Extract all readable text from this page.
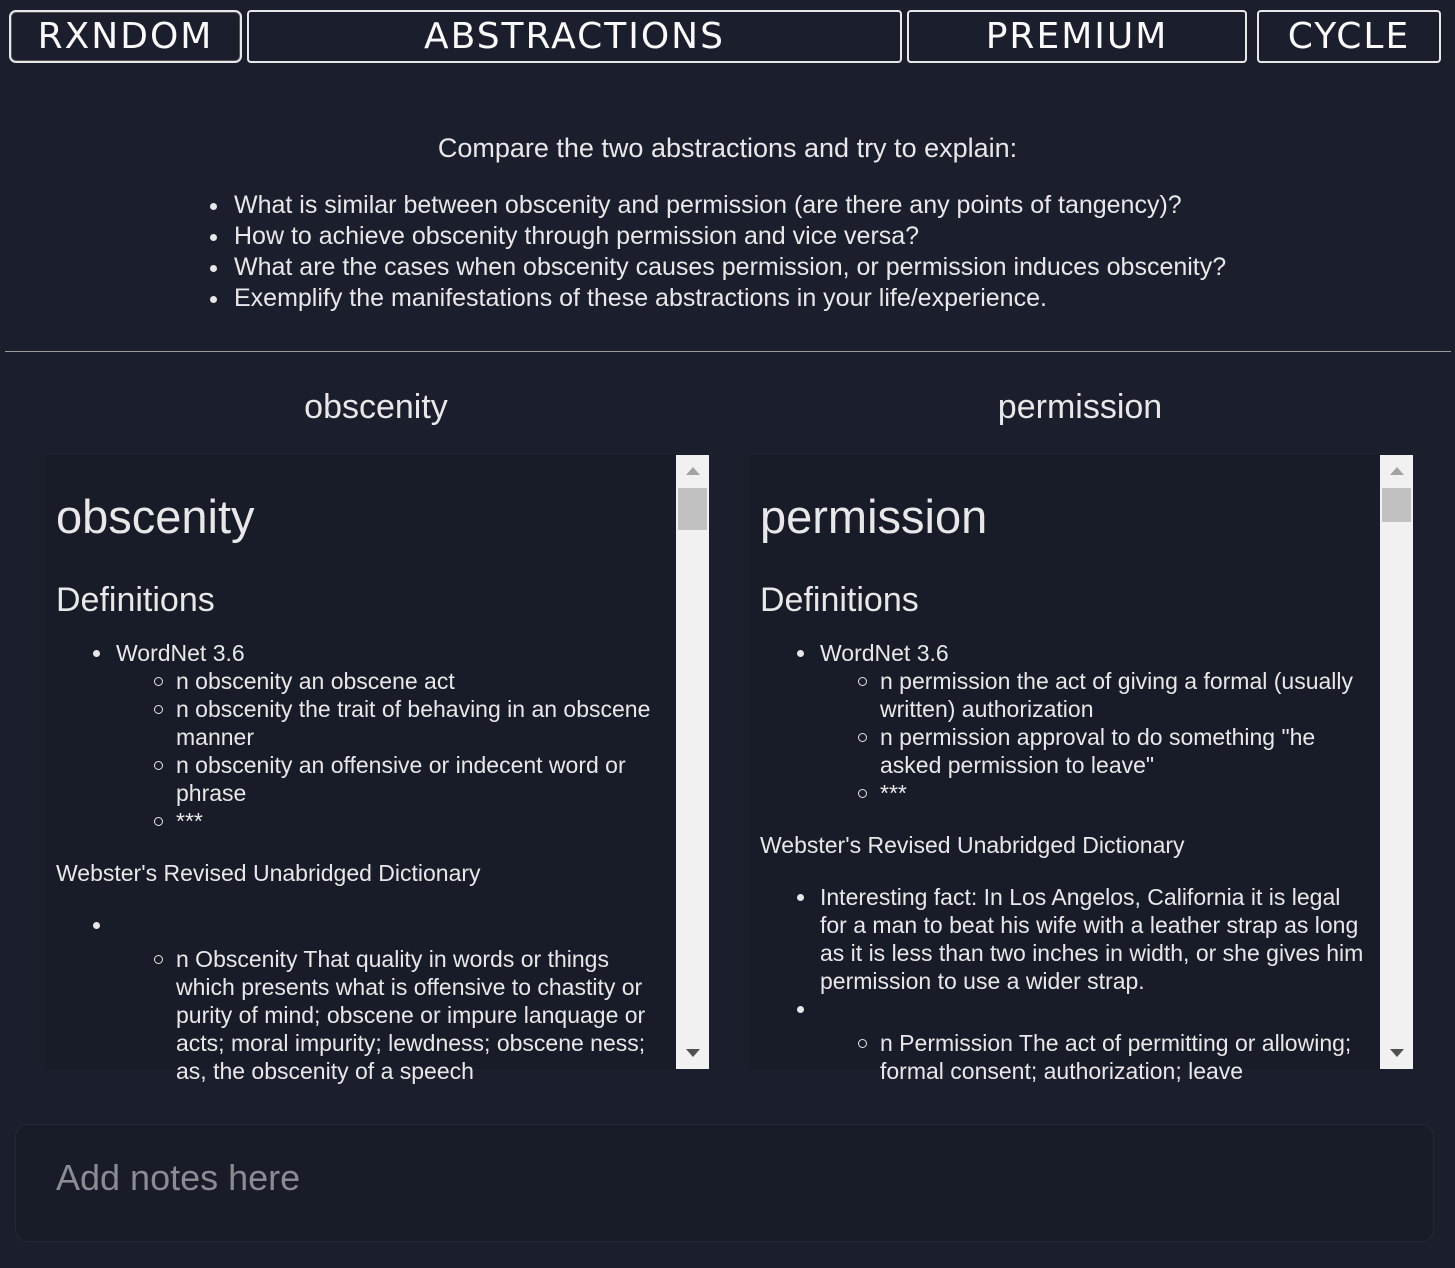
RXNDOM	ABSTRACTIONS	PREMIUM	CYCLE
Compare the two abstractions and try to explain:
What is similar between obscenity and permission (are there any points of tangency)?
How to achieve obscenity through permission and vice versa?
What are the cases when obscenity causes permission, or permission induces obscenity?
Exemplify the manifestations of these abstractions in your life/experience.
obscenity	permission
obscenity
Definitions
WordNet 3.6
n obscenity an obscene act
n obscenity the trait of behaving in an obscene manner
n obscenity an offensive or indecent word or phrase
***
Webster's Revised Unabridged Dictionary
n Obscenity That quality in words or things which presents what is offensive to chastity or purity of mind; obscene or impure lanquage or acts; moral impurity; lewdness; obscene ness; as, the obscenity of a speech
permission
Definitions
WordNet 3.6
n permission the act of giving a formal (usually written) authorization
n permission approval to do something "he asked permission to leave"
***
Webster's Revised Unabridged Dictionary
Interesting fact: In Los Angelos, California it is legal for a man to beat his wife with a leather strap as long as it is less than two inches in width, or she gives him permission to use a wider strap.
n Permission The act of permitting or allowing; formal consent; authorization; leave
Add notes here
